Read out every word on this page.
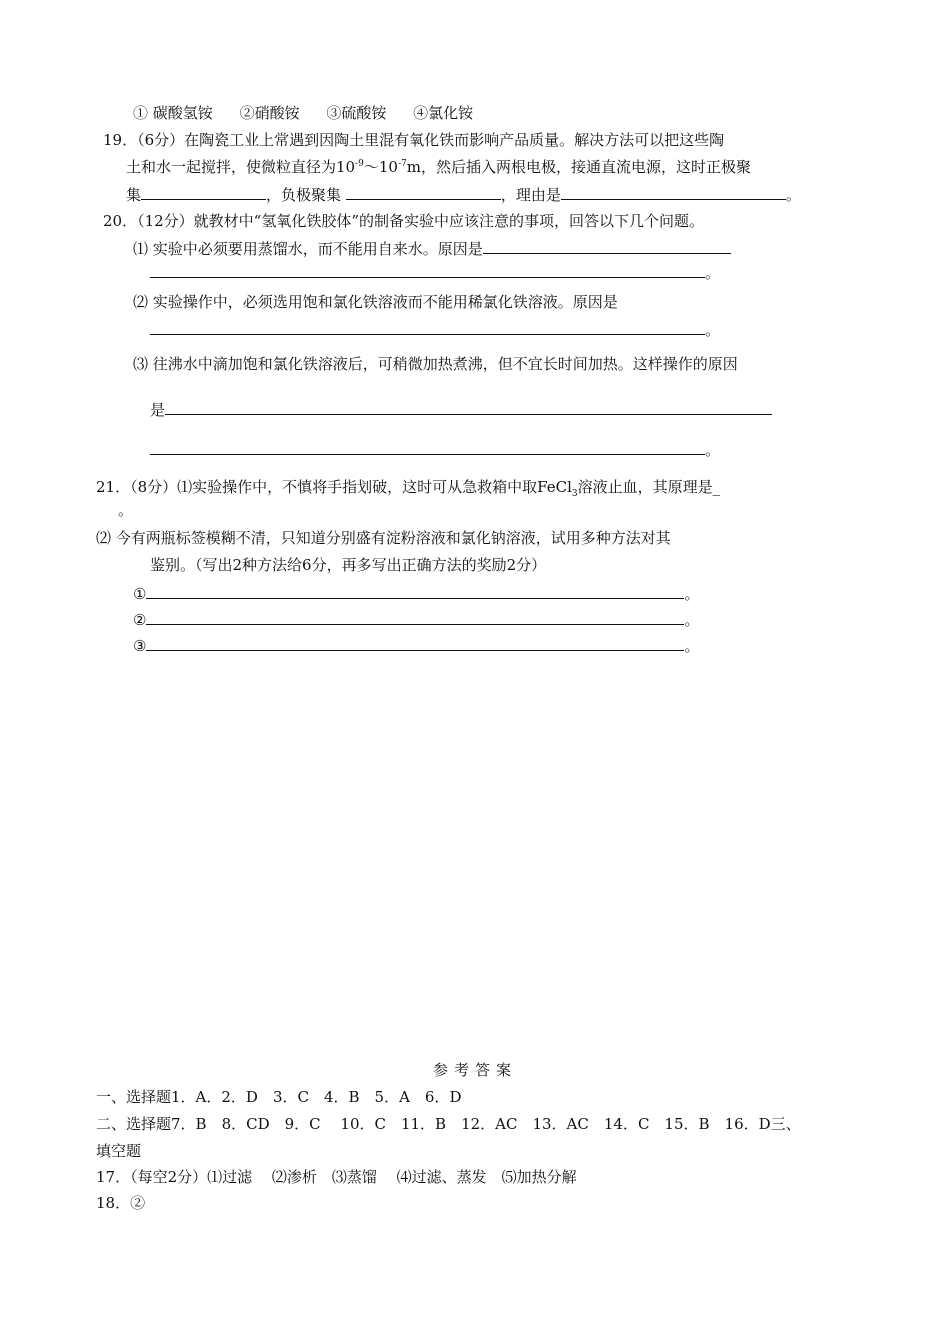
① 碳酸氢铵 ②硝酸铵 ③硫酸铵 ④氯化铵
19．（6分）在陶瓷工业上常遇到因陶土里混有氧化铁而影响产品质量。解决方法可以把这些陶
土和水一起搅拌，使微粒直径为$10^{-9}\sim 10^{-7}m$，然后插入两根电极，接通直流电源，这时正极聚
集	，负极聚集	，理由是	。
20．（12分）就教材中“氢氧化铁胶体”的制备实验中应该注意的事项，回答以下几个问题。
⑴ 实验中必须要用蒸馏水，而不能用自来水。原因是
。
⑵ 实验操作中，必须选用饱和氯化铁溶液而不能用稀氯化铁溶液。原因是
。
⑶ 往沸水中滴加饱和氯化铁溶液后，可稍微加热煮沸，但不宜长时间加热。这样操作的原因
是
。
21．（8分）⑴实验操作中，不慎将手指划破，这时可从急救箱中取FeCl$_3$溶液止血，其原理是_
。
⑵ 今有两瓶标签模糊不清，只知道分别盛有淀粉溶液和氯化钠溶液，试用多种方法对其
鉴别。（写出2种方法给6分，再多写出正确方法的奖励2分）
①	。
②	。
③	。
参考答案
一、选择题1．A．2．D　3．C　4．B　5．A　6．D
二、选择题7．B　8．CD　9．C　 10．C　11．B　12．AC　13．AC　14．C　15．B　16．D三、
填空题
17．（每空2分）⑴过滤　 ⑵渗析　⑶蒸馏　 ⑷过滤、蒸发　⑸加热分解
18．②
